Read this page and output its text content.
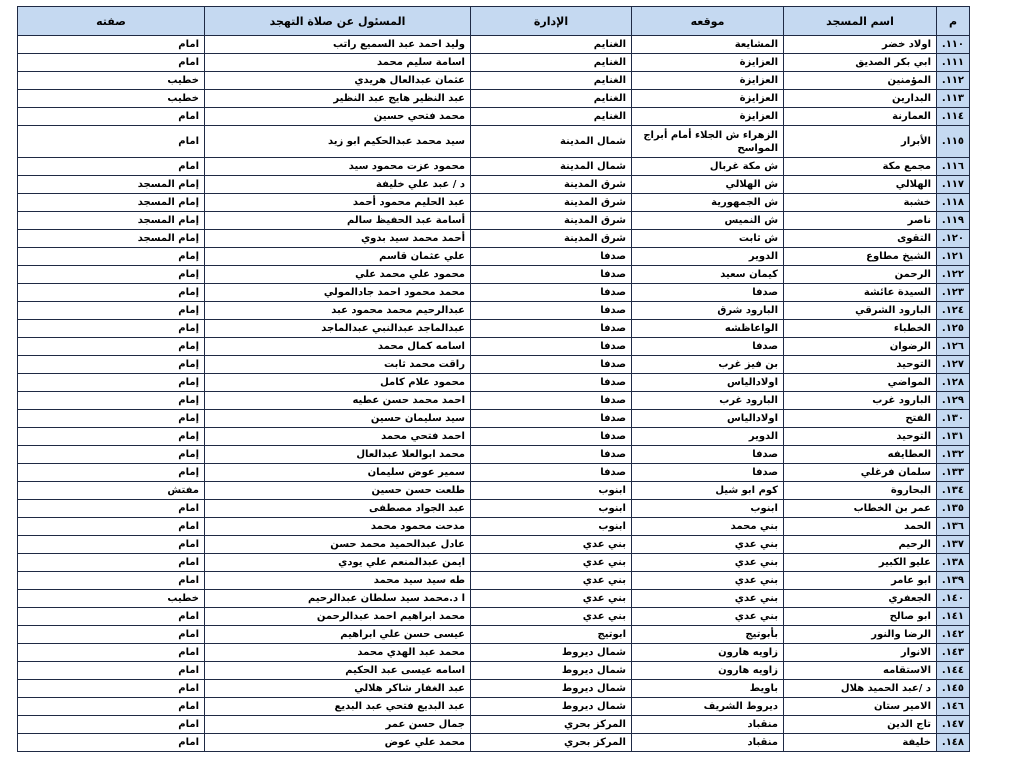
م	اسم المسجد	موقعه	الإدارة	المسئول عن صلاة التهجد	صفته
١١٠.	اولاد خضر	المشايعة	الغنايم	وليد احمد عبد السميع راتب	امام
١١١.	ابي بكر الصديق	العزايزة	الغنايم	اسامة سليم محمد	امام
١١٢.	المؤمنين	العزايزة	الغنايم	عثمان عبدالعال هريدي	خطيب
١١٣.	البدارين	العزايزة	الغنايم	عبد النظير هايج عبد النظير	خطيب
١١٤.	العمارنة	العزايزة	الغنايم	محمد فتحي حسين	امام
١١٥.	الأبرار	الزهراء ش الجلاء أمام أبراج المواسح	شمال المدينة	سيد محمد عبدالحكيم ابو زيد	امام
١١٦.	مجمع مكة	ش مكة غربال	شمال المدينة	محمود عزت محمود سيد	امام
١١٧.	الهلالي	ش الهلالي	شرق المدينة	د / عبد علي خليفة	إمام المسجد
١١٨.	خشبة	ش الجمهورية	شرق المدينة	عبد الحليم محمود أحمد	إمام المسجد
١١٩.	ناصر	ش النميس	شرق المدينة	أسامة عبد الحفيظ سالم	إمام المسجد
١٢٠.	التقوى	ش ثابت	شرق المدينة	أحمد محمد سيد بدوي	إمام المسجد
١٢١.	الشيخ مطاوع	الدوير	صدفا	علي عثمان قاسم	إمام
١٢٢.	الرحمن	كيمان سعيد	صدفا	محمود علي محمد علي	إمام
١٢٣.	السيدة عائشة	صدفا	صدفا	محمد محمود احمد جادالمولي	إمام
١٢٤.	البارود الشرقي	البارود شرق	صدفا	عبدالرحيم محمد محمود عبد	إمام
١٢٥.	الخطباء	الواعاظشه	صدفا	عبدالماجد عبدالنبي عبدالماجد	إمام
١٢٦.	الرضوان	صدفا	صدفا	اسامه كمال محمد	إمام
١٢٧.	التوحيد	بن فيز غرب	صدفا	راقت محمد ثابت	إمام
١٢٨.	المواضي	اولادالياس	صدفا	محمود علام كامل	إمام
١٢٩.	البارود غرب	البارود غرب	صدفا	احمد محمد حسن عطيه	إمام
١٣٠.	الفتح	اولادالياس	صدفا	سيد سليمان حسين	إمام
١٣١.	التوحيد	الدوير	صدفا	احمد فتحي محمد	إمام
١٣٢.	العطايفه	صدفا	صدفا	محمد ابوالعلا عبدالعال	إمام
١٣٣.	سلمان فرغلي	صدفا	صدفا	سمير عوض سليمان	إمام
١٣٤.	البحاروة	كوم ابو شيل	ابنوب	طلعت حسن حسين	مفتش
١٣٥.	عمر بن الخطاب	ابنوب	ابنوب	عبد الجواد مصطفى	امام
١٣٦.	الحمد	بني محمد	ابنوب	مدحت محمود محمد	امام
١٣٧.	الرحيم	بني عدي	بني عدي	عادل عبدالحميد محمد حسن	امام
١٣٨.	عليو الكبير	بني عدي	بني عدي	ايمن عبدالمنعم علي يودي	امام
١٣٩.	ابو عامر	بني عدي	بني عدي	طه سيد سيد محمد	امام
١٤٠.	الجعفري	بني عدي	بني عدي	ا د.محمد سيد سلطان عبدالرحيم	خطيب
١٤١.	ابو صالح	بني عدي	بني عدي	محمد ابراهيم احمد عبدالرحمن	امام
١٤٢.	الرضا والنور	بأبوتيج	ابوتيج	عيسى حسن علي ابراهيم	امام
١٤٣.	الانوار	زاويه هارون	شمال ديروط	محمد عبد الهدي محمد	امام
١٤٤.	الاستقامه	زاويه هارون	شمال ديروط	اسامه عيسى عبد الحكيم	امام
١٤٥.	د /عبد الحميد هلال	باويط	شمال ديروط	عبد الغفار شاكر هلالي	امام
١٤٦.	الامير ستان	ديروط الشريف	شمال ديروط	عبد البديع فتحي عبد البديع	امام
١٤٧.	تاج الدين	منقباد	المركز بحري	جمال حسن عمر	امام
١٤٨.	خليفة	منقباد	المركز بحري	محمد علي عوض	امام
